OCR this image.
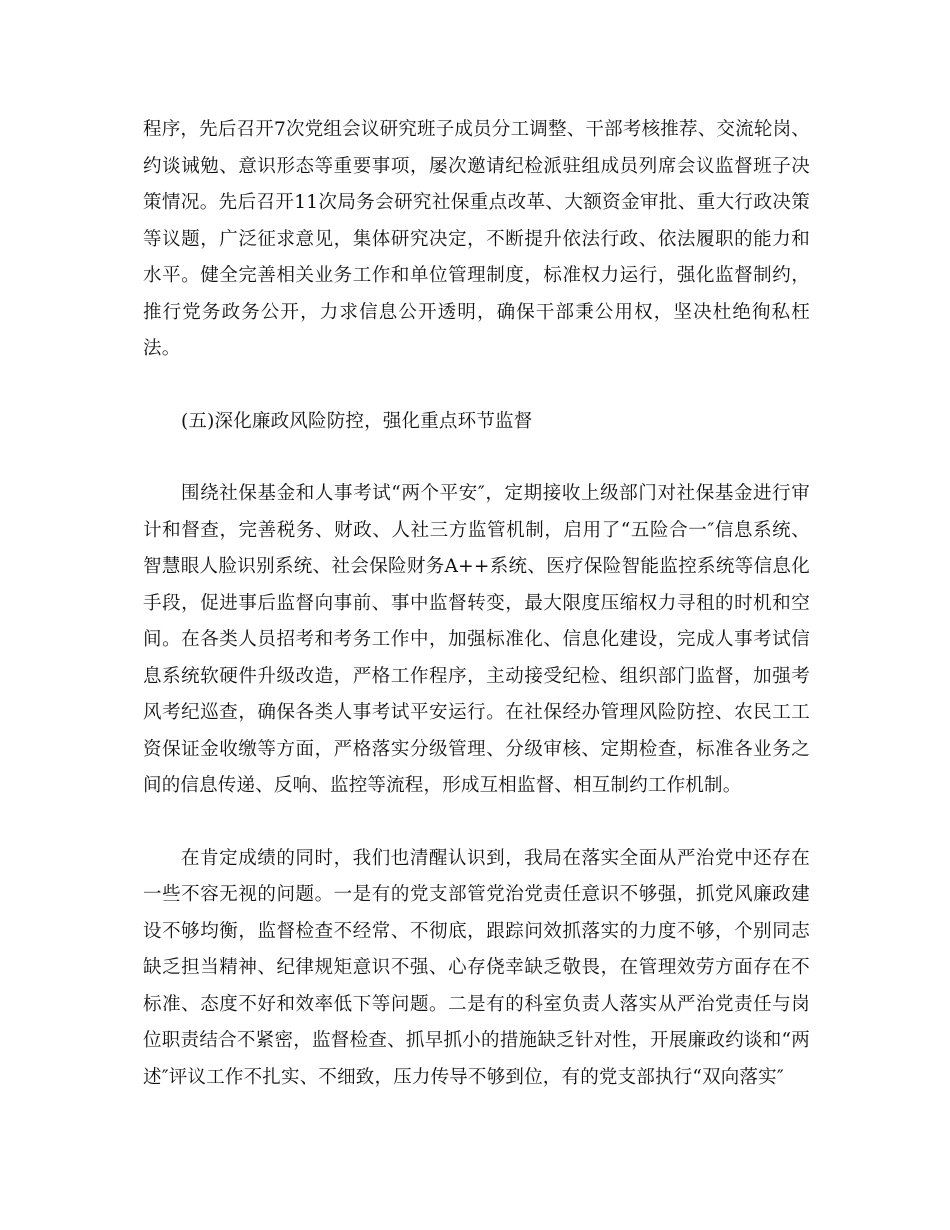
程序，先后召开7次党组会议研究班子成员分工调整、干部考核推荐、交流轮岗、约谈诫勉、意识形态等重要事项，屡次邀请纪检派驻组成员列席会议监督班子决策情况。先后召开11次局务会研究社保重点改革、大额资金审批、重大行政决策等议题，广泛征求意见，集体研究决定，不断提升依法行政、依法履职的能力和水平。健全完善相关业务工作和单位管理制度，标准权力运行，强化监督制约，推行党务政务公开，力求信息公开透明，确保干部秉公用权，坚决杜绝徇私枉法。

(五)深化廉政风险防控，强化重点环节监督

围绕社保基金和人事考试“两个平安″，定期接收上级部门对社保基金进行审计和督查，完善税务、财政、人社三方监管机制，启用了“五险合一″信息系统、智慧眼人脸识别系统、社会保险财务A++系统、医疗保险智能监控系统等信息化手段，促进事后监督向事前、事中监督转变，最大限度压缩权力寻租的时机和空间。在各类人员招考和考务工作中，加强标准化、信息化建设，完成人事考试信息系统软硬件升级改造，严格工作程序，主动接受纪检、组织部门监督，加强考风考纪巡查，确保各类人事考试平安运行。在社保经办管理风险防控、农民工工资保证金收缴等方面，严格落实分级管理、分级审核、定期检查，标准各业务之间的信息传递、反响、监控等流程，形成互相监督、相互制约工作机制。

在肯定成绩的同时，我们也清醒认识到，我局在落实全面从严治党中还存在一些不容无视的问题。一是有的党支部管党治党责任意识不够强，抓党风廉政建设不够均衡，监督检查不经常、不彻底，跟踪问效抓落实的力度不够，个别同志缺乏担当精神、纪律规矩意识不强、心存侥幸缺乏敬畏，在管理效劳方面存在不标准、态度不好和效率低下等问题。二是有的科室负责人落实从严治党责任与岗位职责结合不紧密，监督检查、抓早抓小的措施缺乏针对性，开展廉政约谈和“两述″评议工作不扎实、不细致，压力传导不够到位，有的党支部执行“双向落实″
